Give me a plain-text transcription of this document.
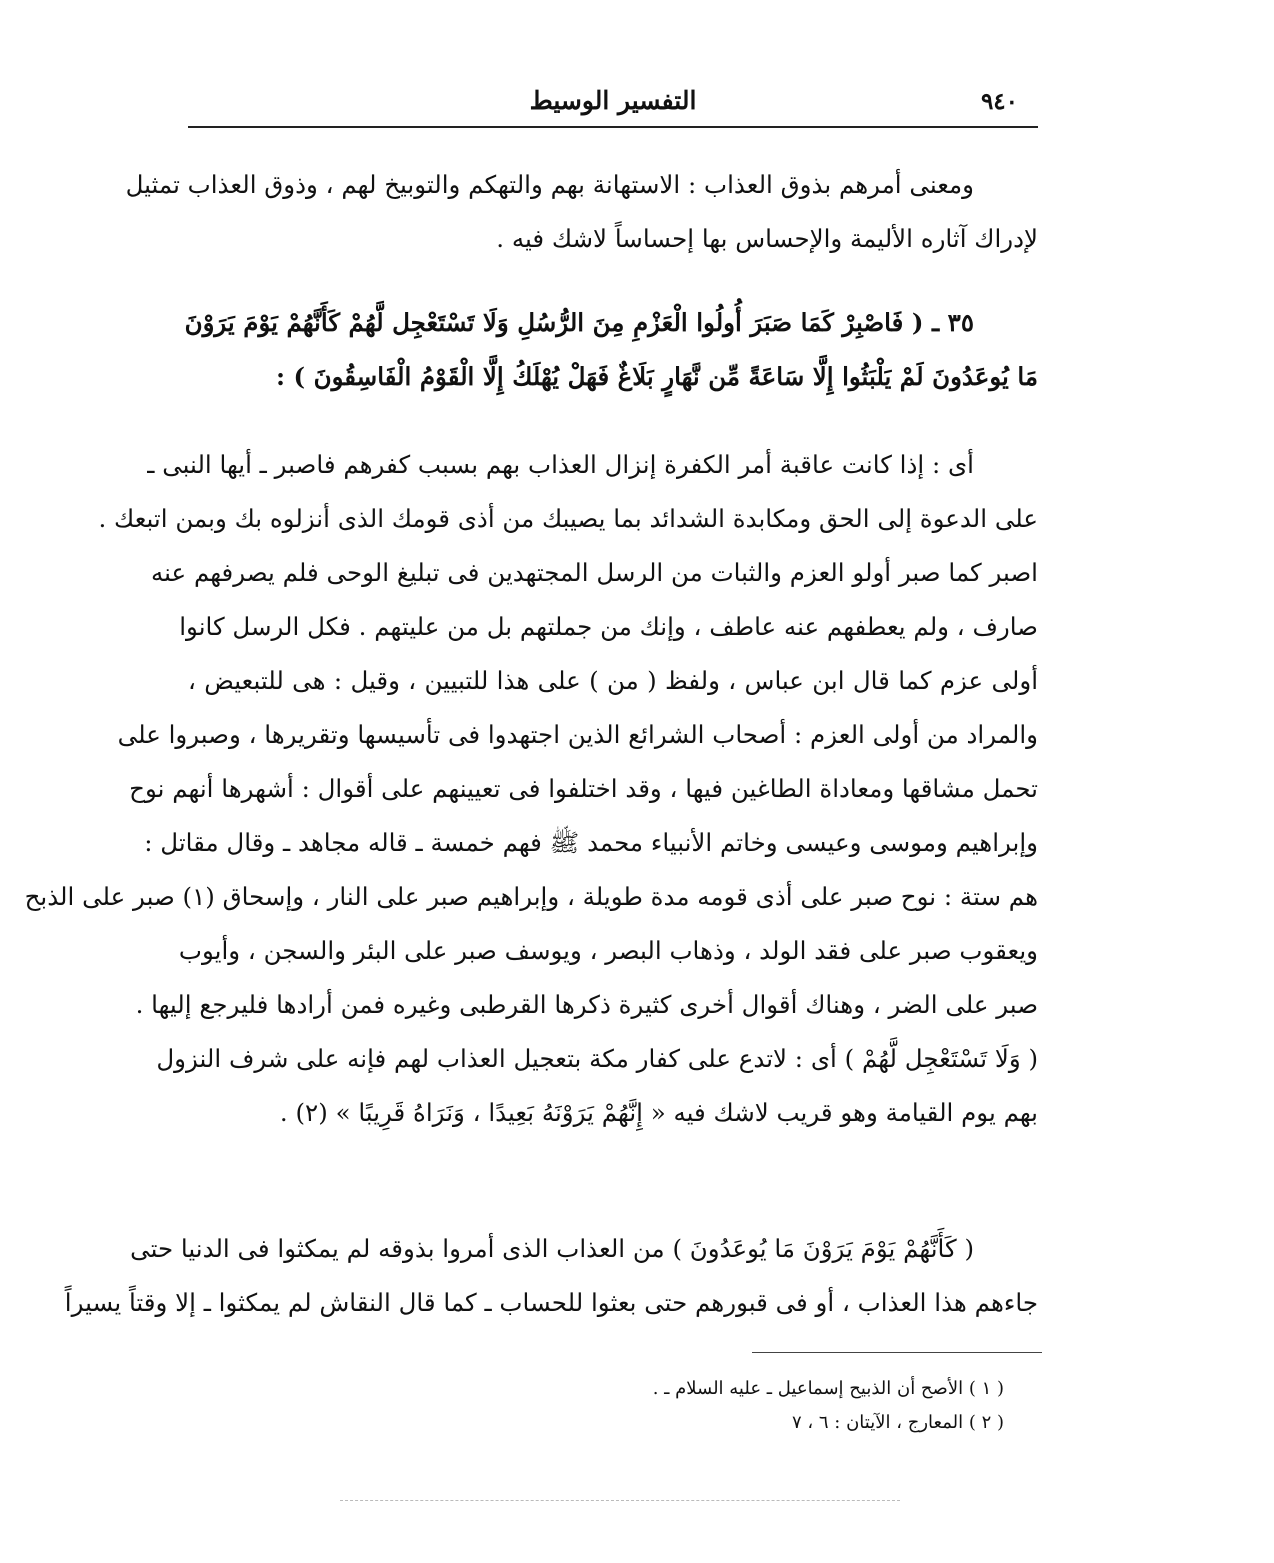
التفسير الوسيط	٩٤٠
ومعنى أمرهم بذوق العذاب : الاستهانة بهم والتهكم والتوبيخ لهم ، وذوق العذاب تمثيل
لإدراك آثاره الأليمة والإحساس بها إحساساً لاشك فيه .
٣٥ ـ ( فَاصْبِرْ كَمَا صَبَرَ أُولُوا الْعَزْمِ مِنَ الرُّسُلِ وَلَا تَسْتَعْجِل لَّهُمْ كَأَنَّهُمْ يَوْمَ يَرَوْنَ
مَا يُوعَدُونَ لَمْ يَلْبَثُوا إِلَّا سَاعَةً مِّن نَّهَارٍ بَلَاغٌ فَهَلْ يُهْلَكُ إِلَّا الْقَوْمُ الْفَاسِقُونَ ) :
أى : إذا كانت عاقبة أمر الكفرة إنزال العذاب بهم بسبب كفرهم فاصبر ـ أيها النبى ـ
على الدعوة إلى الحق ومكابدة الشدائد بما يصيبك من أذى قومك الذى أنزلوه بك وبمن اتبعك .
اصبر كما صبر أولو العزم والثبات من الرسل المجتهدين فى تبليغ الوحى فلم يصرفهم عنه
صارف ، ولم يعطفهم عنه عاطف ، وإنك من جملتهم بل من عليتهم . فكل الرسل كانوا
أولى عزم كما قال ابن عباس ، ولفظ ( من ) على هذا للتبيين ، وقيل : هى للتبعيض ،
والمراد من أولى العزم : أصحاب الشرائع الذين اجتهدوا فى تأسيسها وتقريرها ، وصبروا على
تحمل مشاقها ومعاداة الطاغين فيها ، وقد اختلفوا فى تعيينهم على أقوال : أشهرها أنهم نوح
وإبراهيم وموسى وعيسى وخاتم الأنبياء محمد ﷺ فهم خمسة ـ قاله مجاهد ـ وقال مقاتل :
هم ستة : نوح صبر على أذى قومه مدة طويلة ، وإبراهيم صبر على النار ، وإسحاق (١) صبر على الذبح
ويعقوب صبر على فقد الولد ، وذهاب البصر ، ويوسف صبر على البئر والسجن ، وأيوب
صبر على الضر ، وهناك أقوال أخرى كثيرة ذكرها القرطبى وغيره فمن أرادها فليرجع إليها .
( وَلَا تَسْتَعْجِل لَّهُمْ ) أى : لاتدع على كفار مكة بتعجيل العذاب لهم فإنه على شرف النزول
بهم يوم القيامة وهو قريب لاشك فيه « إِنَّهُمْ يَرَوْنَهُ بَعِيدًا ، وَنَرَاهُ قَرِيبًا » (٢) .
( كَأَنَّهُمْ يَوْمَ يَرَوْنَ مَا يُوعَدُونَ ) من العذاب الذى أمروا بذوقه لم يمكثوا فى الدنيا حتى
جاءهم هذا العذاب ، أو فى قبورهم حتى بعثوا للحساب ـ كما قال النقاش لم يمكثوا ـ إلا وقتاً يسيراً
( ١ ) الأصح أن الذبيح إسماعيل ـ عليه السلام ـ .
( ٢ ) المعارج ، الآيتان : ٦ ، ٧
